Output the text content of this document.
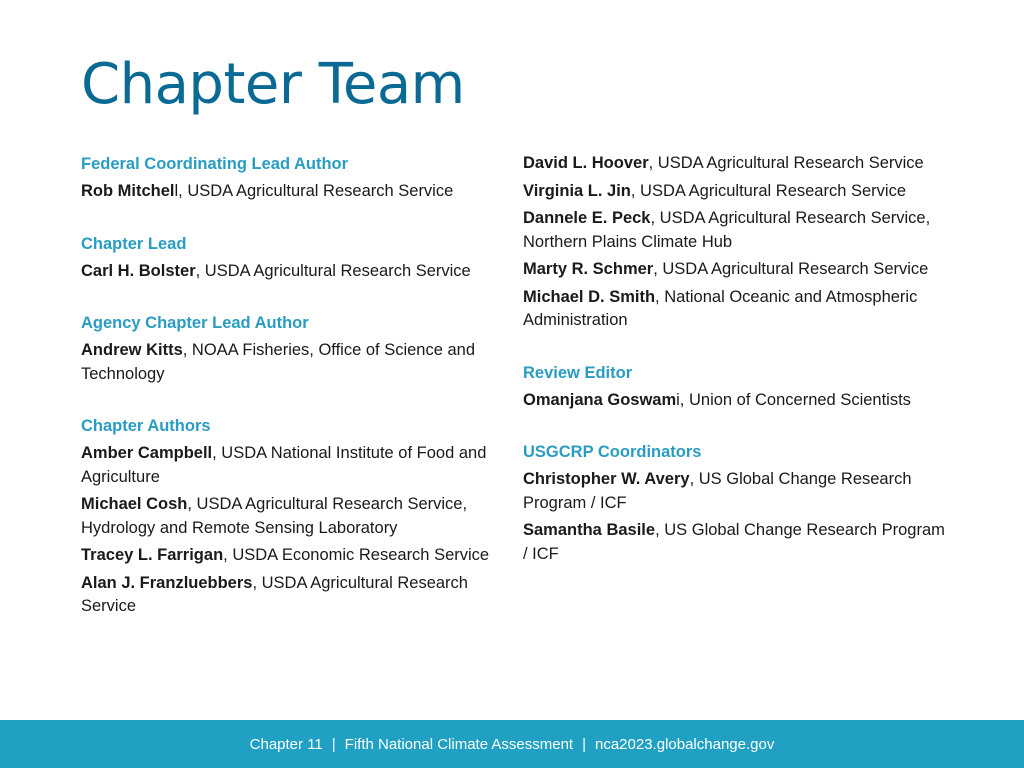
Chapter Team
Federal Coordinating Lead Author
Rob Mitchell, USDA Agricultural Research Service
Chapter Lead
Carl H. Bolster, USDA Agricultural Research Service
Agency Chapter Lead Author
Andrew Kitts, NOAA Fisheries, Office of Science and Technology
Chapter Authors
Amber Campbell, USDA National Institute of Food and Agriculture
Michael Cosh, USDA Agricultural Research Service, Hydrology and Remote Sensing Laboratory
Tracey L. Farrigan, USDA Economic Research Service
Alan J. Franzluebbers, USDA Agricultural Research Service
David L. Hoover, USDA Agricultural Research Service
Virginia L. Jin, USDA Agricultural Research Service
Dannele E. Peck, USDA Agricultural Research Service, Northern Plains Climate Hub
Marty R. Schmer, USDA Agricultural Research Service
Michael D. Smith, National Oceanic and Atmospheric Administration
Review Editor
Omanjana Goswami, Union of Concerned Scientists
USGCRP Coordinators
Christopher W. Avery, US Global Change Research Program / ICF
Samantha Basile, US Global Change Research Program / ICF
Chapter 11 | Fifth National Climate Assessment | nca2023.globalchange.gov
